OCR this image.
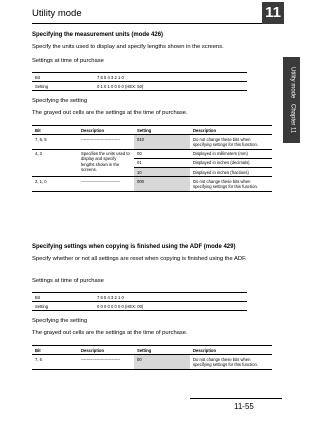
Utility mode	11
Utility mode
Chapter 11
Specifying the measurement units (mode 426)
Specify the units used to display and specify lengths shown in the screens.
Settings at time of purchase
Bit	7 6 5 4 3 2 1 0
Setting	0 1 0 1 0 0 0 0 (HEX: 50)
Specifying the setting
The grayed out cells are the settings at the time of purchase.
Bit	Description	Setting	Description
7, 6, 5	----------------------------	010	Do not change these bits when specifying settings for this function.
4, 3	Specifies the units used to display and specify lengths shown in the screens.	00	Displayed in millimeters (mm)
		01	Displayed in inches (decimals)
		10	Displayed in inches (fractions)
2, 1, 0	----------------------------	000	Do not change these bits when specifying settings for this function.
Specifying settings when copying is finished using the ADF (mode 429)
Specify whether or not all settings are reset when copying is finished using the ADF.
Settings at time of purchase
Bit	7 6 5 4 3 2 1 0
Setting	0 0 0 0 0 0 0 0 (HEX: 00)
Specifying the setting
The grayed out cells are the settings at the time of purchase.
Bit	Description	Setting	Description
7, 6	----------------------------	00	Do not change these bits when specifying settings for this function.
11-55
